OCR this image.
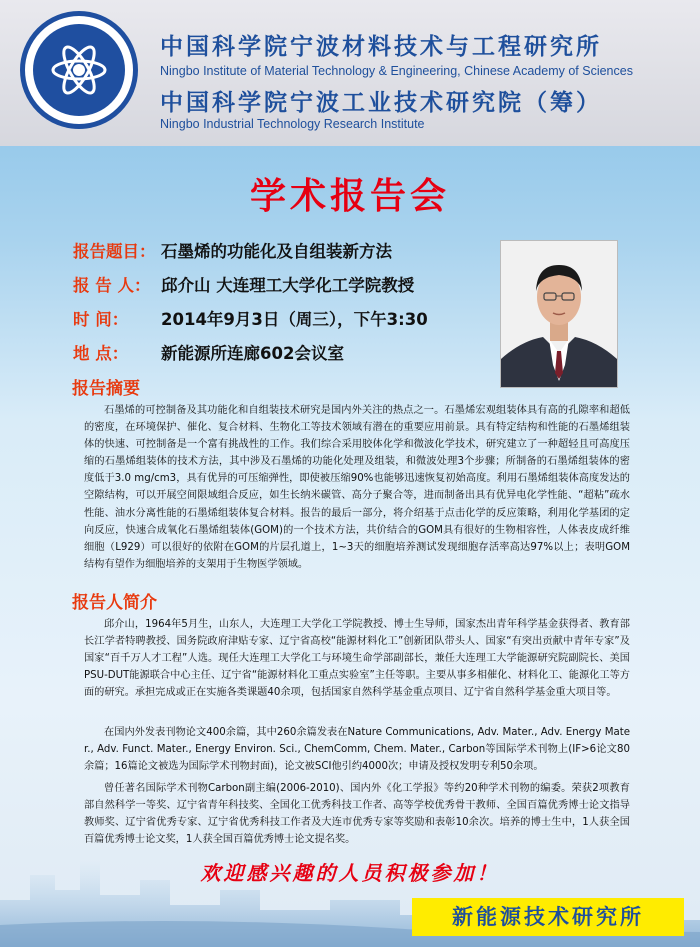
中国科学院宁波材料技术与工程研究所
Ningbo Institute of Material Technology & Engineering, Chinese Academy of Sciences
中国科学院宁波工业技术研究院（筹）
Ningbo Industrial Technology Research Institute
学术报告会
报告题目： 石墨烯的功能化及自组装新方法
报 告 人： 邱介山 大连理工大学化工学院教授
时 间： 2014年9月3日（周三），下午3:30
地 点： 新能源所连廊602会议室
报告摘要
石墨烯的可控制备及其功能化和自组装技术研究是国内外关注的热点之一。石墨烯宏观组装体具有高的孔隙率和超低的密度，在环境保护、催化、复合材料、生物化工等技术领域有潜在的重要应用前景。具有特定结构和性能的石墨烯组装体的快速、可控制备是一个富有挑战性的工作。我们综合采用胶体化学和微波化学技术，研究建立了一种超轻且可高度压缩的石墨烯组装体的技术方法，其中涉及石墨烯的功能化处理及组装，和微波处理3个步骤；所制备的石墨烯组装体的密度低于3.0 mg/cm3，具有优异的可压缩弹性，即使被压缩90%也能够迅速恢复初始高度。利用石墨烯组装体高度发达的空隙结构，可以开展空间限域组合反应，如生长纳米碳管、高分子聚合等，进而制备出具有优异电化学性能、“超粘”疏水性能、油水分离性能的石墨烯组装体复合材料。报告的最后一部分，将介绍基于点击化学的反应策略，利用化学基团的定向反应，快速合成氧化石墨烯组装体(GOM)的一个技术方法，共价结合的GOM具有很好的生物相容性，人体表皮成纤维细胞（L929）可以很好的依附在GOM的片层孔道上，1~3天的细胞培养测试发现细胞存活率高达97%以上；表明GOM结构有望作为细胞培养的支架用于生物医学领域。
报告人简介
邱介山，1964年5月生，山东人，大连理工大学化工学院教授、博士生导师，国家杰出青年科学基金获得者、教育部长江学者特聘教授、国务院政府津贴专家、辽宁省高校“能源材料化工”创新团队带头人、国家“有突出贡献中青年专家”及国家“百千万人才工程”人选。现任大连理工大学化工与环境生命学部副部长，兼任大连理工大学能源研究院副院长、美国PSU-DUT能源联合中心主任、辽宁省“能源材料化工重点实验室”主任等职。主要从事多相催化、材料化工、能源化工等方面的研究。承担完成或正在实施各类课题40余项，包括国家自然科学基金重点项目、辽宁省自然科学基金重大项目等。
在国内外发表刊物论文400余篇，其中260余篇发表在Nature Communications, Adv. Mater., Adv. Energy Mater., Adv. Funct. Mater., Energy Environ. Sci., ChemComm, Chem. Mater., Carbon等国际学术刊物上(IF>6论文80余篇；16篇论文被选为国际学术刊物封面)，论文被SCI他引约4000次；申请及授权发明专利50余项。
曾任著名国际学术刊物Carbon副主编(2006-2010)、国内外《化工学报》等约20种学术刊物的编委。荣获2项教育部自然科学一等奖、辽宁省青年科技奖、全国化工优秀科技工作者、高等学校优秀骨干教师、全国百篇优秀博士论文指导教师奖、辽宁省优秀专家、辽宁省优秀科技工作者及大连市优秀专家等奖励和表彰10余次。培养的博士生中，1人获全国百篇优秀博士论文奖，1人获全国百篇优秀博士论文提名奖。
欢迎感兴趣的人员积极参加！
新能源技术研究所
